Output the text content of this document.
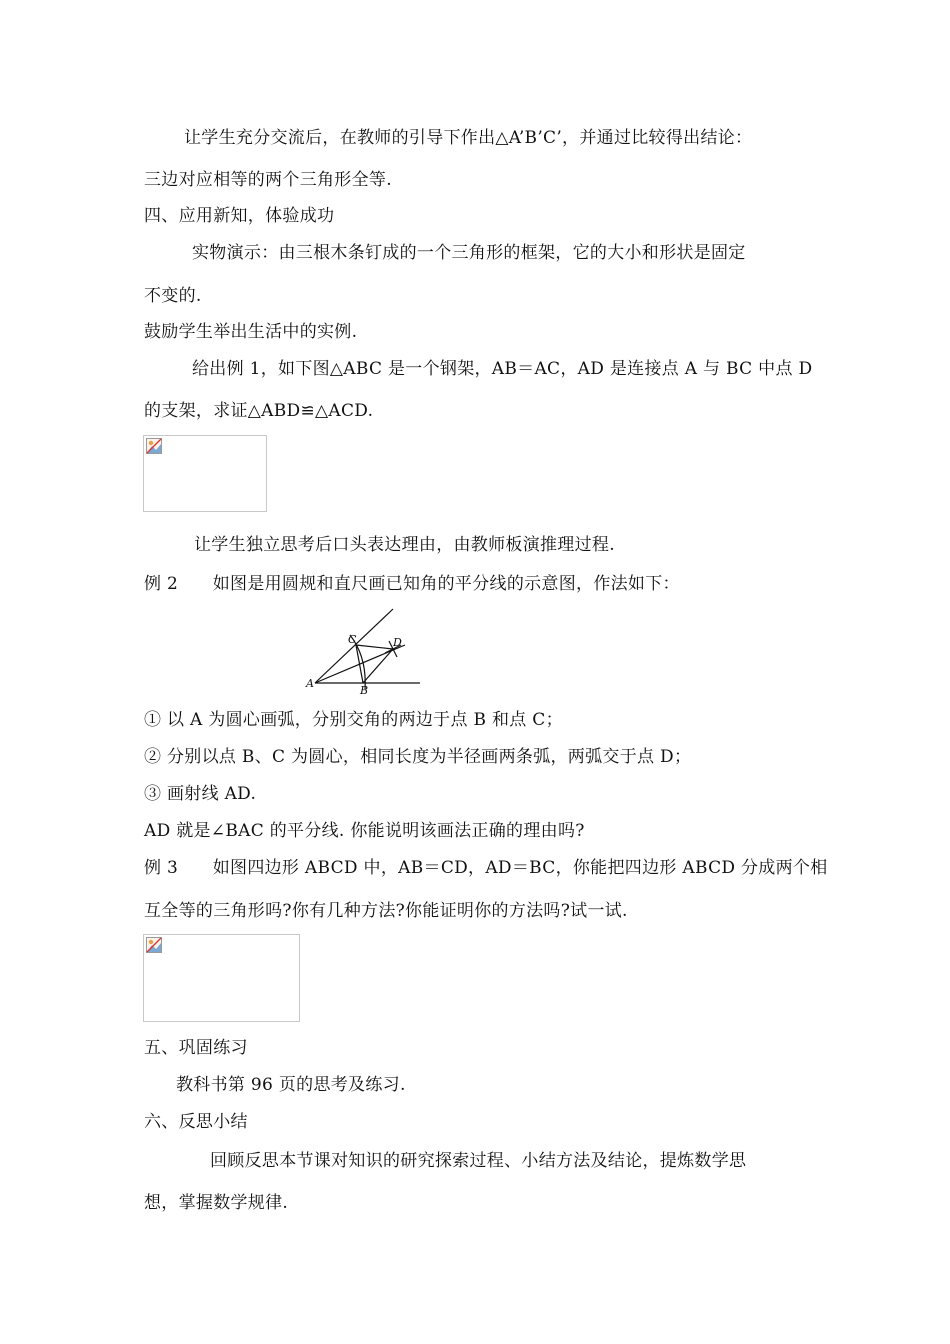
让学生充分交流后，在教师的引导下作出△A’B’C’，并通过比较得出结论：
三边对应相等的两个三角形全等.
四、应用新知，体验成功
实物演示：由三根木条钉成的一个三角形的框架，它的大小和形状是固定
不变的.
鼓励学生举出生活中的实例.
给出例 1，如下图△ABC 是一个钢架，AB＝AC，AD 是连接点 A 与 BC 中点 D
的支架，求证△ABD≌△ACD.
让学生独立思考后口头表达理由，由教师板演推理过程.
例 2　　如图是用圆规和直尺画已知角的平分线的示意图，作法如下：
A
B
C	D
① 以 A 为圆心画弧，分别交角的两边于点 B 和点 C；
② 分别以点 B、C 为圆心，相同长度为半径画两条弧，两弧交于点 D；
③ 画射线 AD.
AD 就是∠BAC 的平分线. 你能说明该画法正确的理由吗?
例 3　　如图四边形 ABCD 中，AB＝CD，AD＝BC，你能把四边形 ABCD 分成两个相
互全等的三角形吗?你有几种方法?你能证明你的方法吗?试一试.
五、巩固练习
教科书第 96 页的思考及练习.
六、反思小结
回顾反思本节课对知识的研究探索过程、小结方法及结论，提炼数学思
想，掌握数学规律.
